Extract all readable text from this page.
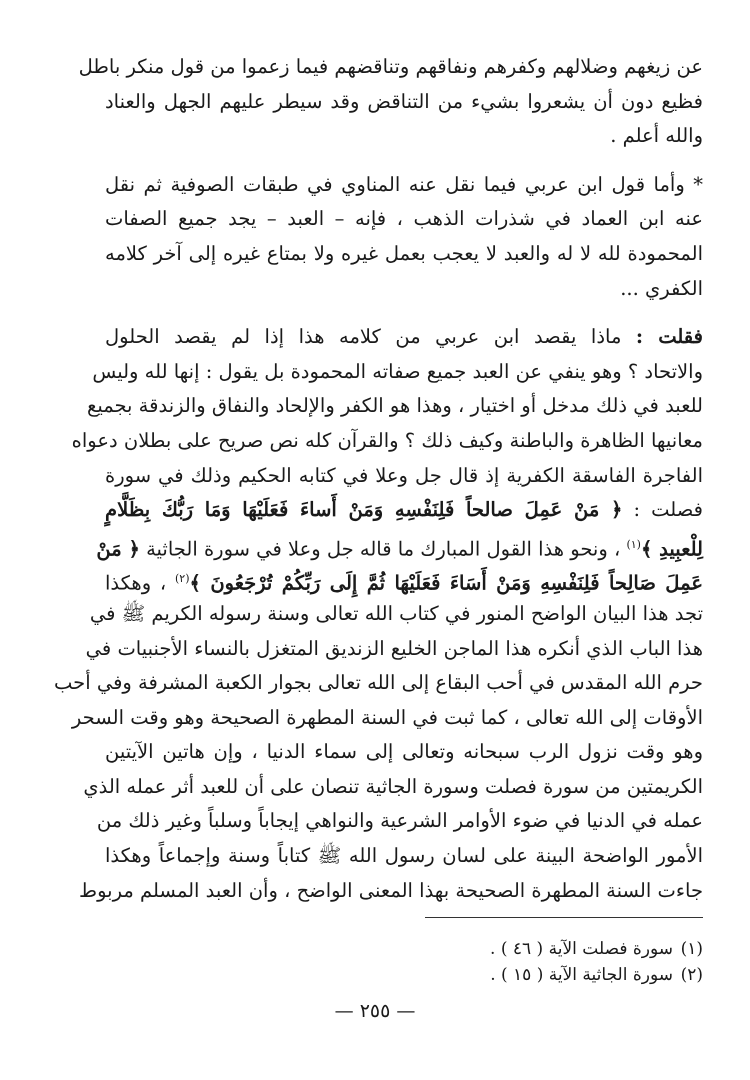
عن زيغهم وضلالهم وكفرهم ونفاقهم وتناقضهم فيما زعموا من قول منكر باطل
فظيع دون أن يشعروا بشيء من التناقض وقد سيطر عليهم الجهل والعناد
والله أعلم .
* وأما قول ابن عربي فيما نقل عنه المناوي في طبقات الصوفية ثم نقل
عنه ابن العماد في شذرات الذهب ، فإنه – العبد – يجد جميع الصفات
المحمودة لله لا له والعبد لا يعجب بعمل غيره ولا بمتاع غيره إلى آخر كلامه
الكفري ...
فقلت : ماذا يقصد ابن عربي من كلامه هذا إذا لم يقصد الحلول
والاتحاد ؟ وهو ينفي عن العبد جميع صفاته المحمودة بل يقول : إنها لله وليس
للعبد في ذلك مدخل أو اختيار ، وهذا هو الكفر والإلحاد والنفاق والزندقة بجميع
معانيها الظاهرة والباطنة وكيف ذلك ؟ والقرآن كله نص صريح على بطلان دعواه
الفاجرة الفاسقة الكفرية إذ قال جل وعلا في كتابه الحكيم وذلك في سورة
فصلت : ﴿ مَنْ عَمِلَ صالحاً فَلِنَفْسِهِ وَمَنْ أَساءَ فَعَلَيْهَا وَمَا رَبُّكَ بِظَلَّامٍ
لِلْعبِيدِ ﴾$^{(١)}$ ، ونحو هذا القول المبارك ما قاله جل وعلا في سورة الجاثية ﴿ مَنْ
عَمِلَ صَالِحاً فَلِنَفْسِهِ وَمَنْ أَسَاءَ فَعَلَيْهَا ثُمَّ إِلَى رَبِّكُمْ تُرْجَعُونَ ﴾$^{(٢)}$ ، وهكذا
تجد هذا البيان الواضح المنور في كتاب الله تعالى وسنة رسوله الكريم ﷺ في
هذا الباب الذي أنكره هذا الماجن الخليع الزنديق المتغزل بالنساء الأجنبيات في
حرم الله المقدس في أحب البقاع إلى الله تعالى بجوار الكعبة المشرفة وفي أحب
الأوقات إلى الله تعالى ، كما ثبت في السنة المطهرة الصحيحة وهو وقت السحر
وهو وقت نزول الرب سبحانه وتعالى إلى سماء الدنيا ، وإن هاتين الآيتين
الكريمتين من سورة فصلت وسورة الجاثية تنصان على أن للعبد أثر عمله الذي
عمله في الدنيا في ضوء الأوامر الشرعية والنواهي إيجاباً وسلباً وغير ذلك من
الأمور الواضحة البينة على لسان رسول الله ﷺ كتاباً وسنة وإجماعاً وهكذا
جاءت السنة المطهرة الصحيحة بهذا المعنى الواضح ، وأن العبد المسلم مربوط
(١)سورة فصلت الآية ( ٤٦ ) .
(٢)سورة الجاثية الآية ( ١٥ ) .
— ٢٥٥ —
